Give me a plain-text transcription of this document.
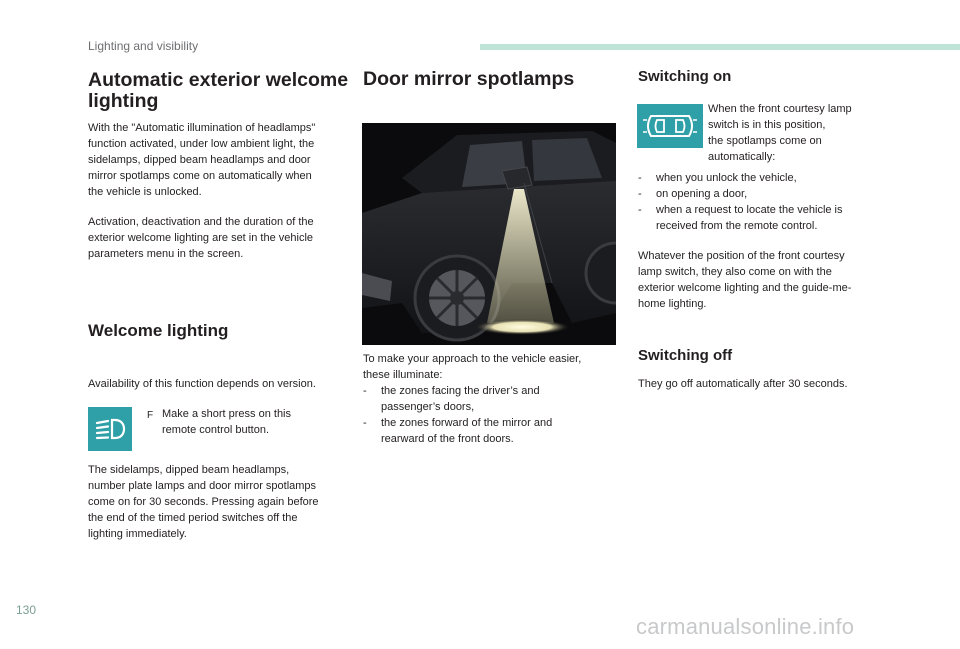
Lighting and visibility
Automatic exterior welcome
lighting
With the "Automatic illumination of headlamps"
function activated, under low ambient light, the
sidelamps, dipped beam headlamps and door
mirror spotlamps come on automatically when
the vehicle is unlocked.
Activation, deactivation and the duration of the
exterior welcome lighting are set in the vehicle
parameters menu in the screen.
Welcome lighting
Availability of this function depends on version.
F Make a short press on this
remote control button.
The sidelamps, dipped beam headlamps,
number plate lamps and door mirror spotlamps
come on for 30 seconds. Pressing again before
the end of the timed period switches off the
lighting immediately.
Door mirror spotlamps
To make your approach to the vehicle easier,
these illuminate:
- the zones facing the driver’s and
passenger’s doors,
- the zones forward of the mirror and
rearward of the front doors.
Switching on
When the front courtesy lamp
switch is in this position,
the spotlamps come on
automatically:
- when you unlock the vehicle,
- on opening a door,
- when a request to locate the vehicle is
received from the remote control.
Whatever the position of the front courtesy
lamp switch, they also come on with the
exterior welcome lighting and the guide-me-
home lighting.
Switching off
They go off automatically after 30 seconds.
130
carmanualsonline.info
